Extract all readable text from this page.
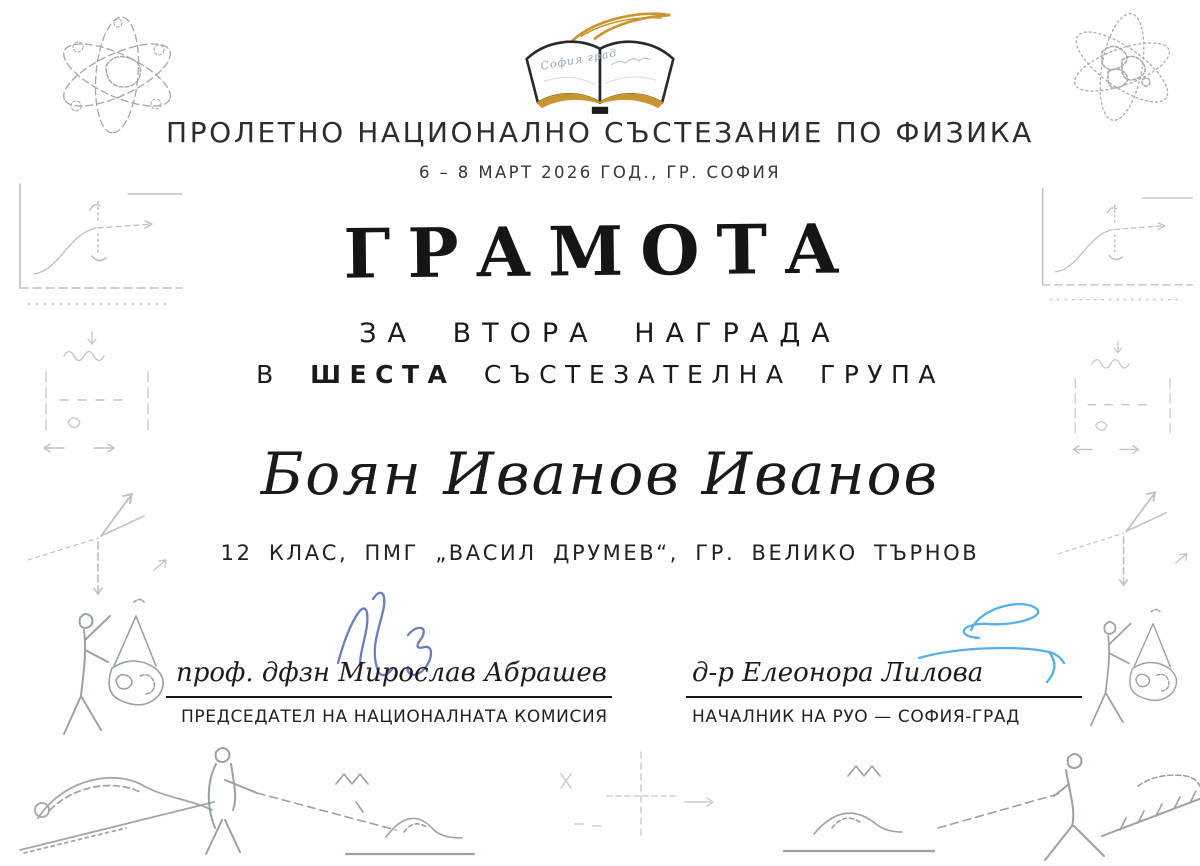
София град
ПРОЛЕТНО НАЦИОНАЛНО СЪСТЕЗАНИЕ ПО ФИЗИКА
6 – 8 МАРТ 2026 ГОД., ГР. СОФИЯ
ГРАМОТА
ЗА ВТОРА НАГРАДА
В ШЕСТА СЪСТЕЗАТЕЛНА ГРУПА
Боян Иванов Иванов
12 КЛАС, ПМГ „ВАСИЛ ДРУМЕВ“, ГР. ВЕЛИКО ТЪРНОВ
проф. дфзн Мирослав Абрашев	д-р Елеонора Лилова
ПРЕДСЕДАТЕЛ НА НАЦИОНАЛНАТА КОМИСИЯ	НАЧАЛНИК НА РУО — СОФИЯ-ГРАД
